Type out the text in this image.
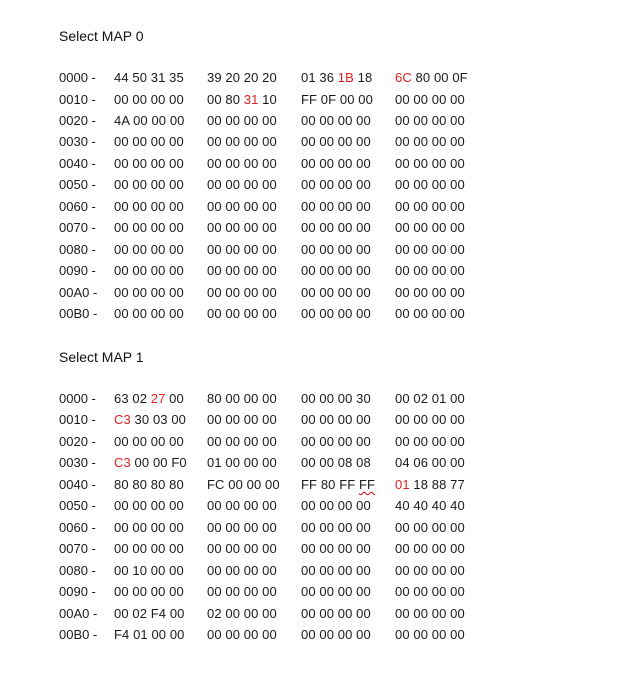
Select MAP 0
0000 - 44 50 31 35 39 20 20 20 01 36 1B 18 6C 80 00 0F
0010 - 00 00 00 00 00 80 31 10 FF 0F 00 00 00 00 00 00
0020 - 4A 00 00 00 00 00 00 00 00 00 00 00 00 00 00 00
0030 - 00 00 00 00 00 00 00 00 00 00 00 00 00 00 00 00
0040 - 00 00 00 00 00 00 00 00 00 00 00 00 00 00 00 00
0050 - 00 00 00 00 00 00 00 00 00 00 00 00 00 00 00 00
0060 - 00 00 00 00 00 00 00 00 00 00 00 00 00 00 00 00
0070 - 00 00 00 00 00 00 00 00 00 00 00 00 00 00 00 00
0080 - 00 00 00 00 00 00 00 00 00 00 00 00 00 00 00 00
0090 - 00 00 00 00 00 00 00 00 00 00 00 00 00 00 00 00
00A0 - 00 00 00 00 00 00 00 00 00 00 00 00 00 00 00 00
00B0 - 00 00 00 00 00 00 00 00 00 00 00 00 00 00 00 00
Select MAP 1
0000 - 63 02 27 00 80 00 00 00 00 00 00 30 00 02 01 00
0010 - C3 30 03 00 00 00 00 00 00 00 00 00 00 00 00 00
0020 - 00 00 00 00 00 00 00 00 00 00 00 00 00 00 00 00
0030 - C3 00 00 F0 01 00 00 00 00 00 08 08 04 06 00 00
0040 - 80 80 80 80 FC 00 00 00 FF 80 FF FF 01 18 88 77
0050 - 00 00 00 00 00 00 00 00 00 00 00 00 40 40 40 40
0060 - 00 00 00 00 00 00 00 00 00 00 00 00 00 00 00 00
0070 - 00 00 00 00 00 00 00 00 00 00 00 00 00 00 00 00
0080 - 00 10 00 00 00 00 00 00 00 00 00 00 00 00 00 00
0090 - 00 00 00 00 00 00 00 00 00 00 00 00 00 00 00 00
00A0 - 00 02 F4 00 02 00 00 00 00 00 00 00 00 00 00 00
00B0 - F4 01 00 00 00 00 00 00 00 00 00 00 00 00 00 00
